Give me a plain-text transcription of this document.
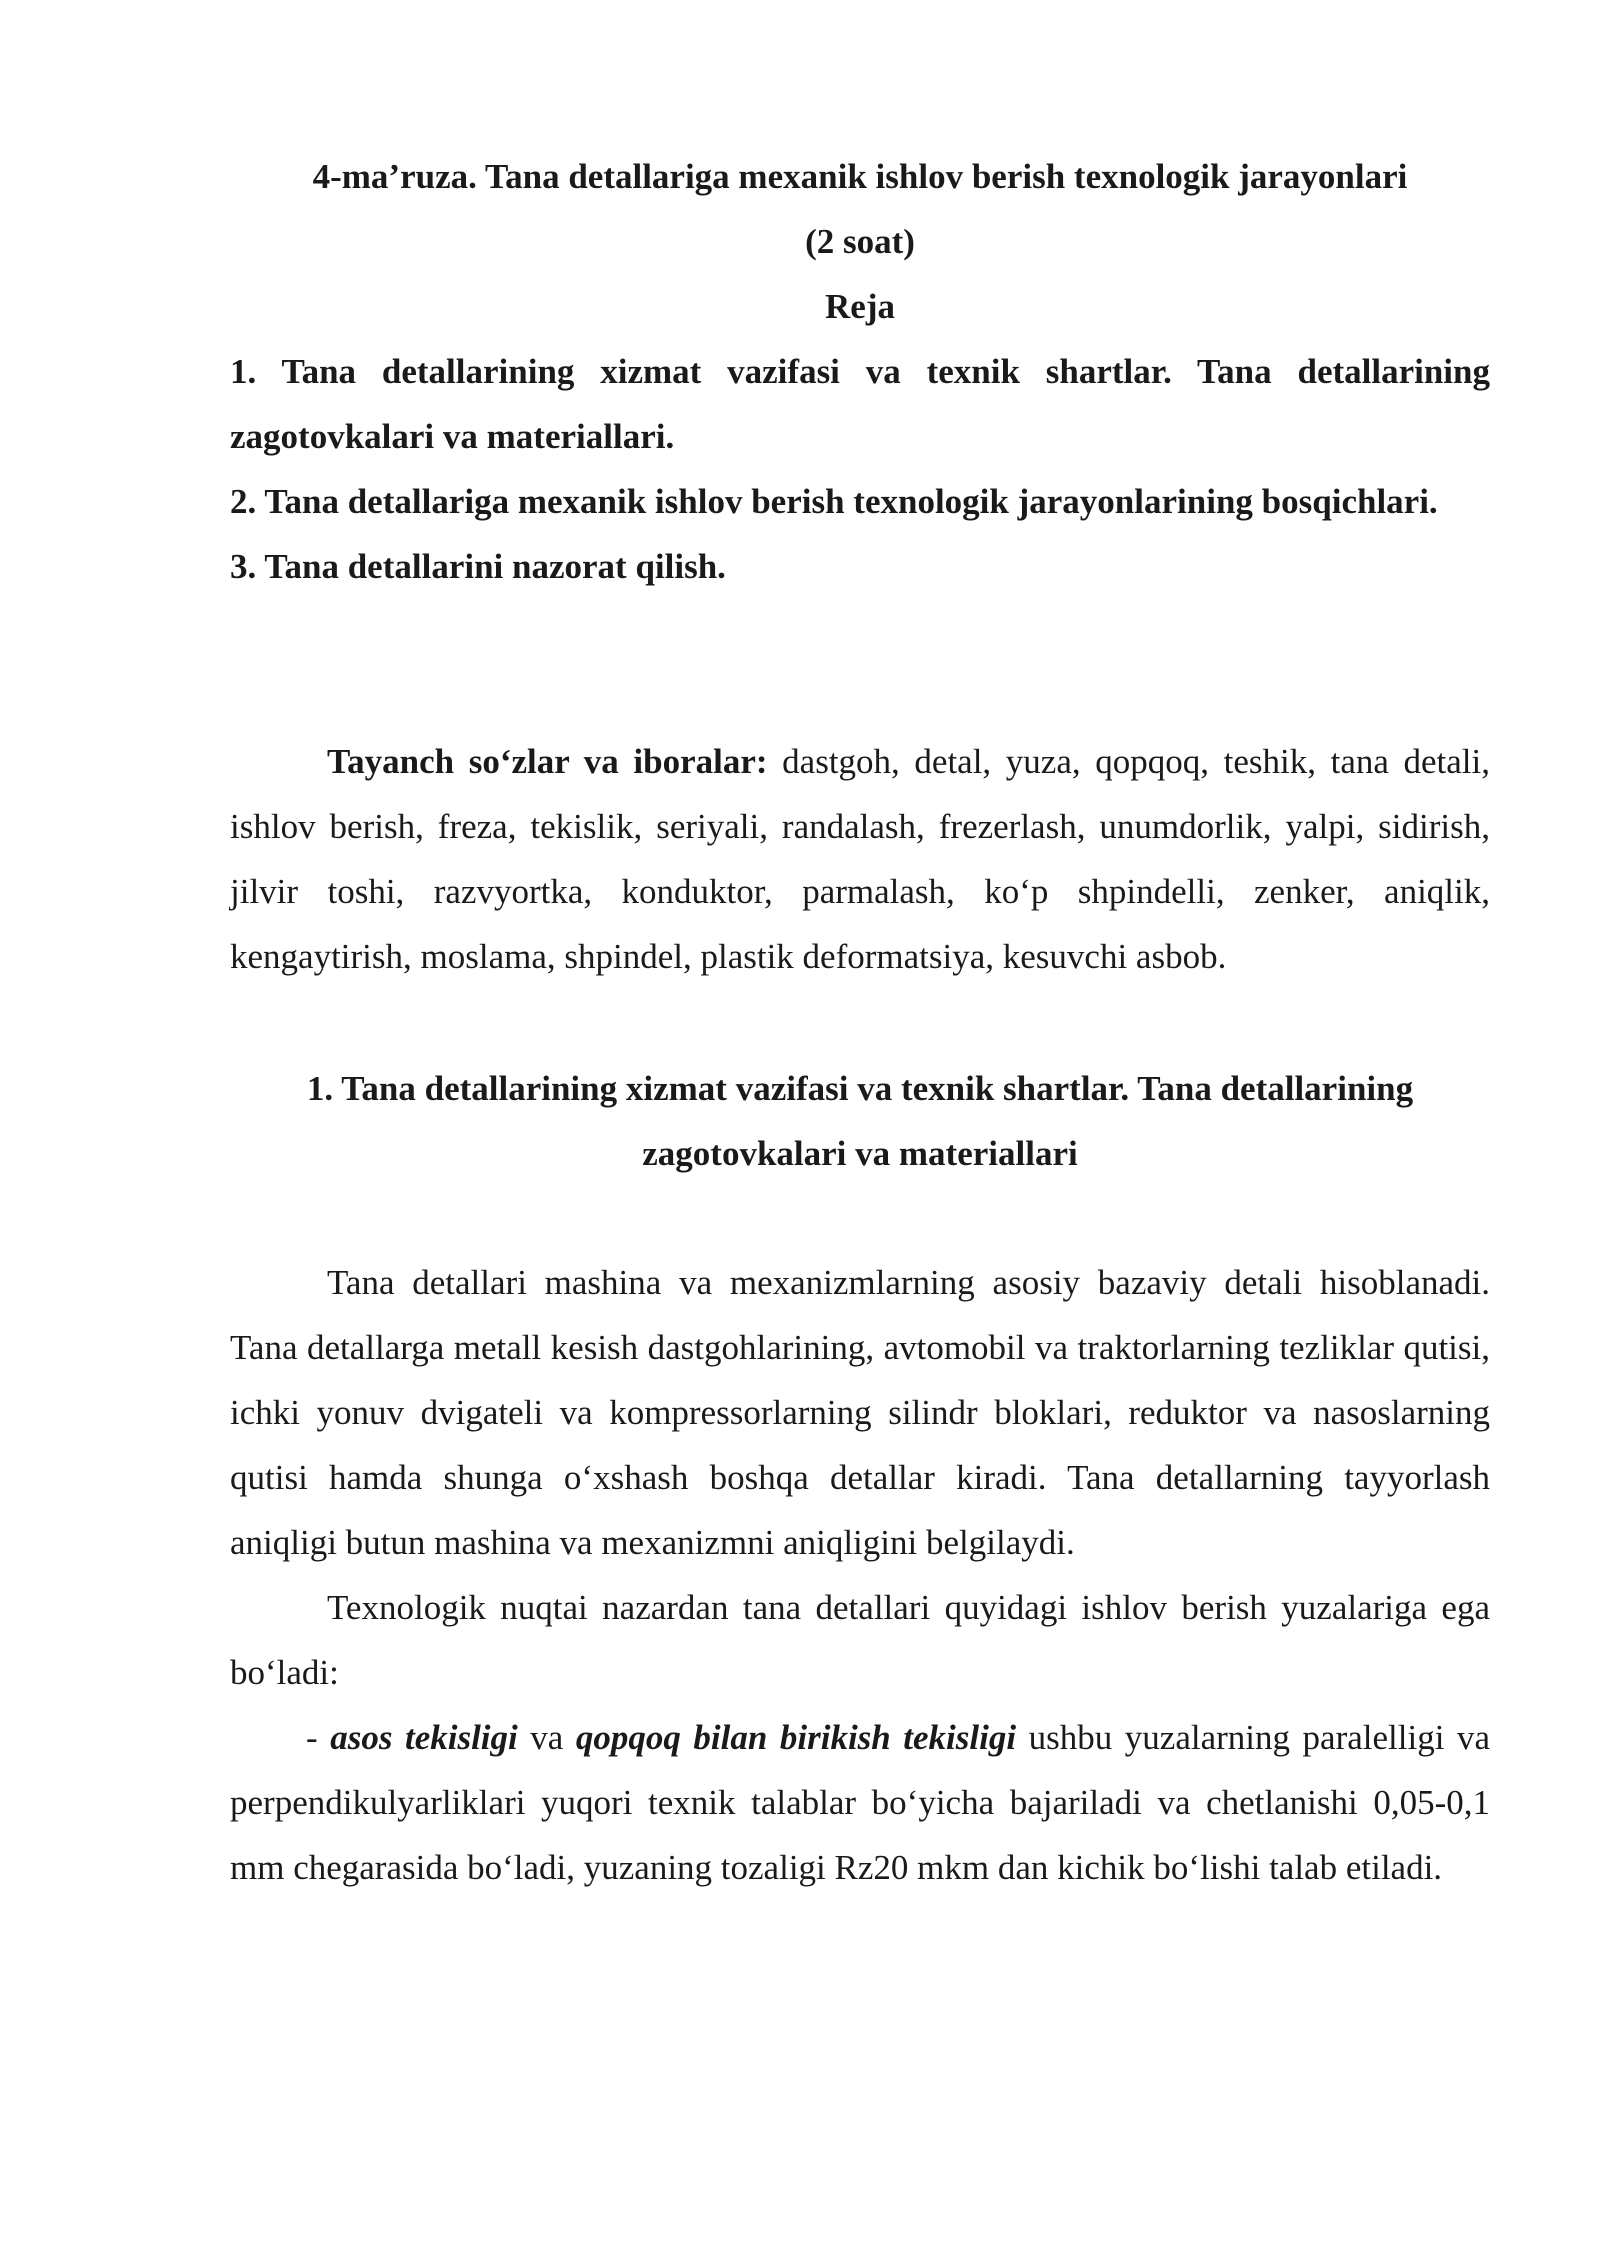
4-ma’ruza. Tana detallariga mexanik ishlov berish texnologik jarayonlari

(2 soat)

Reja

1. Tana detallarining xizmat vazifasi va texnik shartlar. Tana detallarining zagotovkalari va materiallari.

2. Tana detallariga mexanik ishlov berish texnologik jarayonlarining bosqichlari.

3. Tana detallarini nazorat qilish.

Tayanch so‘zlar va iboralar: dastgoh, detal, yuza, qopqoq, teshik, tana detali, ishlov berish, freza, tekislik, seriyali, randalash, frezerlash, unumdorlik, yalpi, sidirish, jilvir toshi, razvyortka, konduktor, parmalash, ko‘p shpindelli, zenker, aniqlik, kengaytirish, moslama, shpindel, plastik deformatsiya, kesuvchi asbob.

1. Tana detallarining xizmat vazifasi va texnik shartlar. Tana detallarining

zagotovkalari va materiallari

Tana detallari mashina va mexanizmlarning asosiy bazaviy detali hisoblanadi. Tana detallarga metall kesish dastgohlarining, avtomobil va traktorlarning tezliklar qutisi, ichki yonuv dvigateli va kompressorlarning silindr bloklari, reduktor va nasoslarning qutisi hamda shunga o‘xshash boshqa detallar kiradi. Tana detallarning tayyorlash aniqligi butun mashina va mexanizmni aniqligini belgilaydi.

Texnologik nuqtai nazardan tana detallari quyidagi ishlov berish yuzalariga ega bo‘ladi:

- asos tekisligi va qopqoq bilan birikish tekisligi ushbu yuzalarning paralelligi va perpendikulyarliklari yuqori texnik talablar bo‘yicha bajariladi va chetlanishi 0,05-0,1 mm chegarasida bo‘ladi, yuzaning tozaligi Rz20 mkm dan kichik bo‘lishi talab etiladi.
